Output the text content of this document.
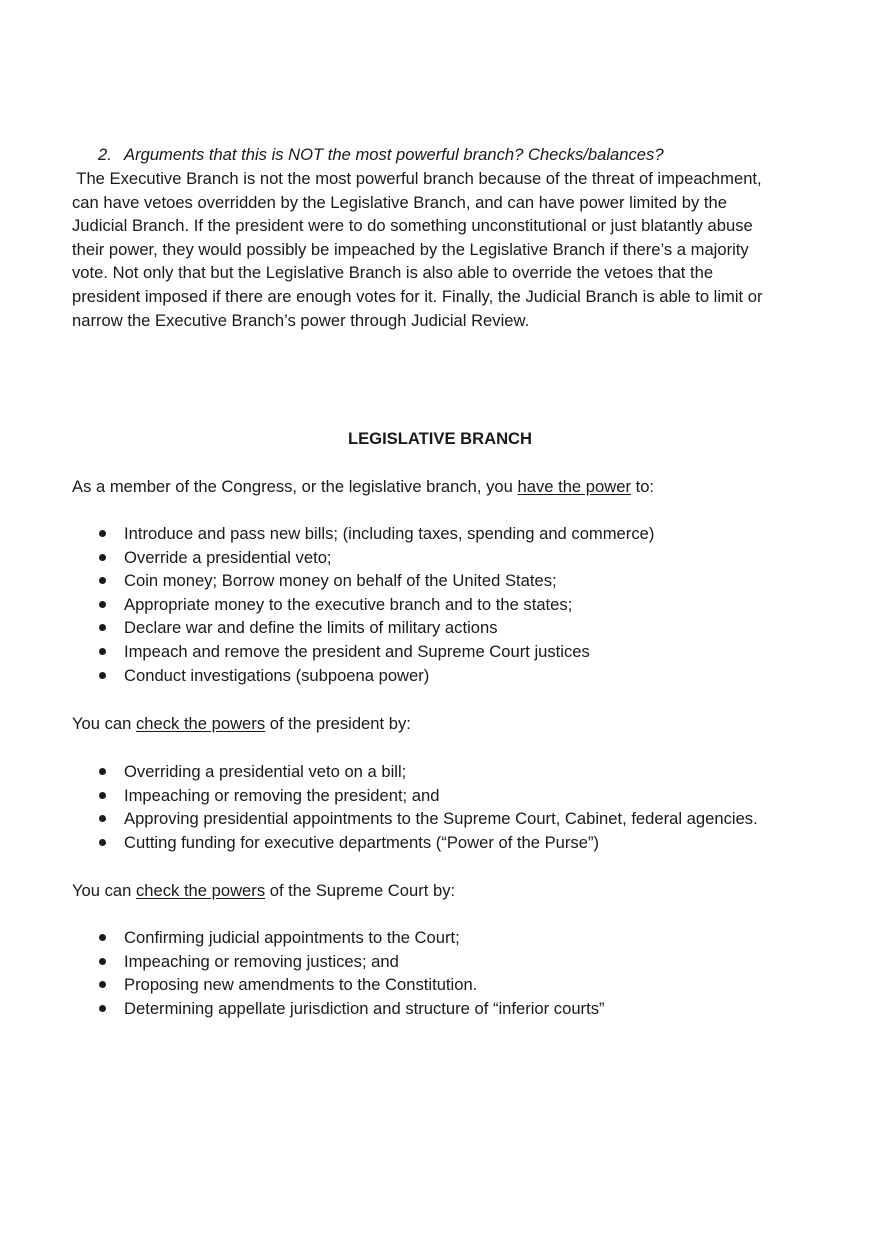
2. Arguments that this is NOT the most powerful branch? Checks/balances?

The Executive Branch is not the most powerful branch because of the threat of impeachment,
can have vetoes overridden by the Legislative Branch, and can have power limited by the
Judicial Branch. If the president were to do something unconstitutional or just blatantly abuse
their power, they would possibly be impeached by the Legislative Branch if there’s a majority
vote. Not only that but the Legislative Branch is also able to override the vetoes that the
president imposed if there are enough votes for it. Finally, the Judicial Branch is able to limit or
narrow the Executive Branch’s power through Judicial Review.

LEGISLATIVE BRANCH
As a member of the Congress, or the legislative branch, you have the power to:
Introduce and pass new bills; (including taxes, spending and commerce)
Override a presidential veto;
Coin money; Borrow money on behalf of the United States;
Appropriate money to the executive branch and to the states;
Declare war and define the limits of military actions
Impeach and remove the president and Supreme Court justices
Conduct investigations (subpoena power)
You can check the powers of the president by:
Overriding a presidential veto on a bill;
Impeaching or removing the president; and
Approving presidential appointments to the Supreme Court, Cabinet, federal agencies.
Cutting funding for executive departments (“Power of the Purse”)
You can check the powers of the Supreme Court by:
Confirming judicial appointments to the Court;
Impeaching or removing justices; and
Proposing new amendments to the Constitution.
Determining appellate jurisdiction and structure of “inferior courts”
